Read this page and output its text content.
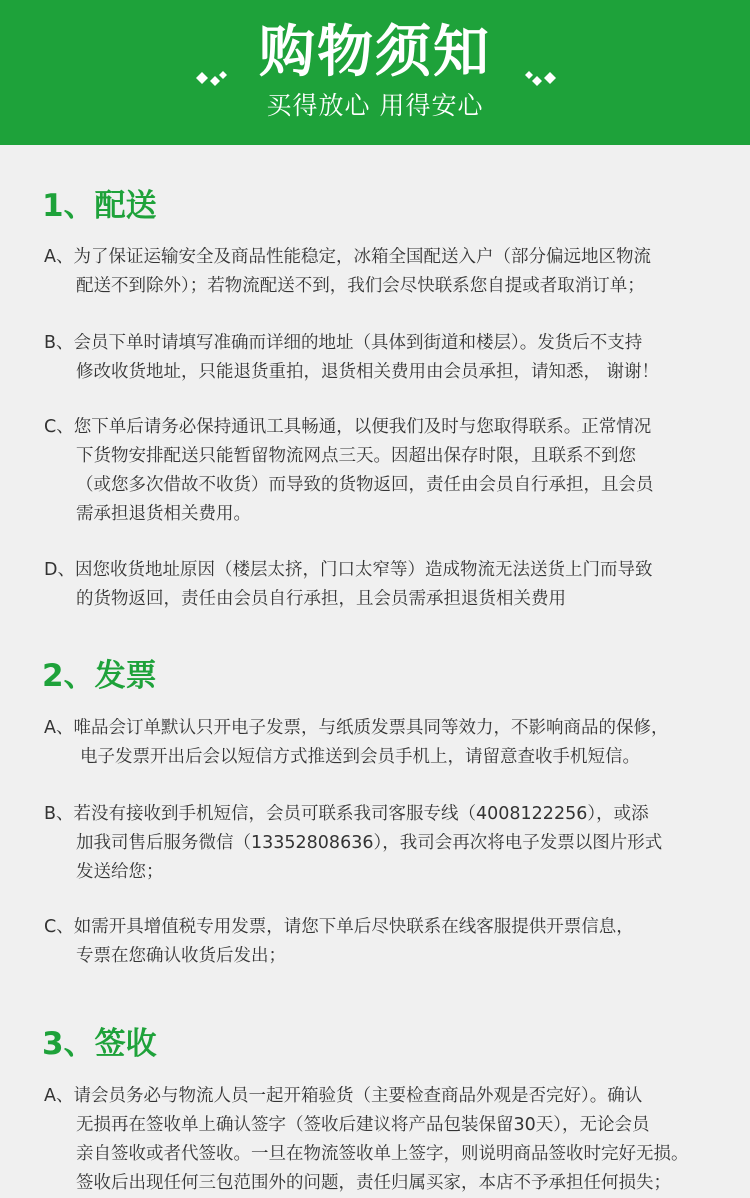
购物须知
买得放心 用得安心
1、配送
A、为了保证运输安全及商品性能稳定，冰箱全国配送入户（部分偏远地区物流
配送不到除外）；若物流配送不到，我们会尽快联系您自提或者取消订单；
B、会员下单时请填写准确而详细的地址（具体到街道和楼层）。发货后不支持
修改收货地址，只能退货重拍，退货相关费用由会员承担，请知悉， 谢谢！
C、您下单后请务必保持通讯工具畅通，以便我们及时与您取得联系。正常情况
下货物安排配送只能暂留物流网点三天。因超出保存时限，且联系不到您
（或您多次借故不收货）而导致的货物返回，责任由会员自行承担，且会员
需承担退货相关费用。
D、因您收货地址原因（楼层太挤，门口太窄等）造成物流无法送货上门而导致
的货物返回，责任由会员自行承担，且会员需承担退货相关费用
2、发票
A、唯品会订单默认只开电子发票，与纸质发票具同等效力，不影响商品的保修，
电子发票开出后会以短信方式推送到会员手机上，请留意查收手机短信。
B、若没有接收到手机短信，会员可联系我司客服专线（4008122256），或添
加我司售后服务微信（13352808636），我司会再次将电子发票以图片形式
发送给您；
C、如需开具增值税专用发票，请您下单后尽快联系在线客服提供开票信息，
专票在您确认收货后发出；
3、签收
A、请会员务必与物流人员一起开箱验货（主要检查商品外观是否完好）。确认
无损再在签收单上确认签字（签收后建议将产品包装保留30天），无论会员
亲自签收或者代签收。一旦在物流签收单上签字，则说明商品签收时完好无损。
签收后出现任何三包范围外的问题，责任归属买家，本店不予承担任何损失；
